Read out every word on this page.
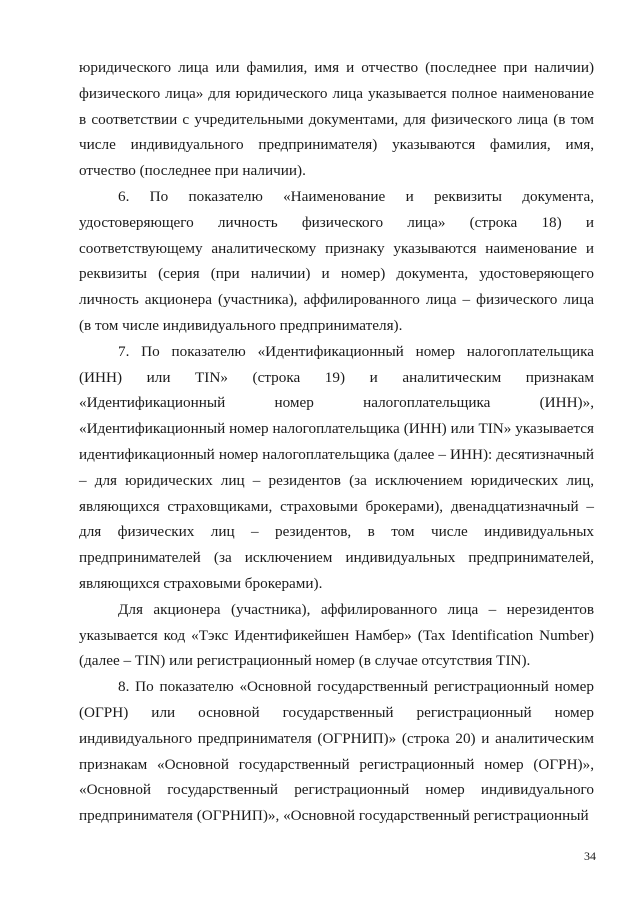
юридического лица или фамилия, имя и отчество (последнее при наличии) физического лица» для юридического лица указывается полное наименование в соответствии с учредительными документами, для физического лица (в том числе индивидуального предпринимателя) указываются фамилия, имя, отчество (последнее при наличии).

6. По показателю «Наименование и реквизиты документа, удостоверяющего личность физического лица» (строка 18) и соответствующему аналитическому признаку указываются наименование и реквизиты (серия (при наличии) и номер) документа, удостоверяющего личность акционера (участника), аффилированного лица – физического лица (в том числе индивидуального предпринимателя).

7. По показателю «Идентификационный номер налогоплательщика (ИНН) или TIN» (строка 19) и аналитическим признакам «Идентификационный номер налогоплательщика (ИНН)», «Идентификационный номер налогоплательщика (ИНН) или TIN» указывается идентификационный номер налогоплательщика (далее – ИНН): десятизначный – для юридических лиц – резидентов (за исключением юридических лиц, являющихся страховщиками, страховыми брокерами), двенадцатизначный – для физических лиц – резидентов, в том числе индивидуальных предпринимателей (за исключением индивидуальных предпринимателей, являющихся страховыми брокерами).

Для акционера (участника), аффилированного лица – нерезидентов указывается код «Тэкс Идентификейшен Намбер» (Tax Identification Number) (далее – TIN) или регистрационный номер (в случае отсутствия TIN).

8. По показателю «Основной государственный регистрационный номер (ОГРН) или основной государственный регистрационный номер индивидуального предпринимателя (ОГРНИП)» (строка 20) и аналитическим признакам «Основной государственный регистрационный номер (ОГРН)», «Основной государственный регистрационный номер индивидуального предпринимателя (ОГРНИП)», «Основной государственный регистрационный

34
